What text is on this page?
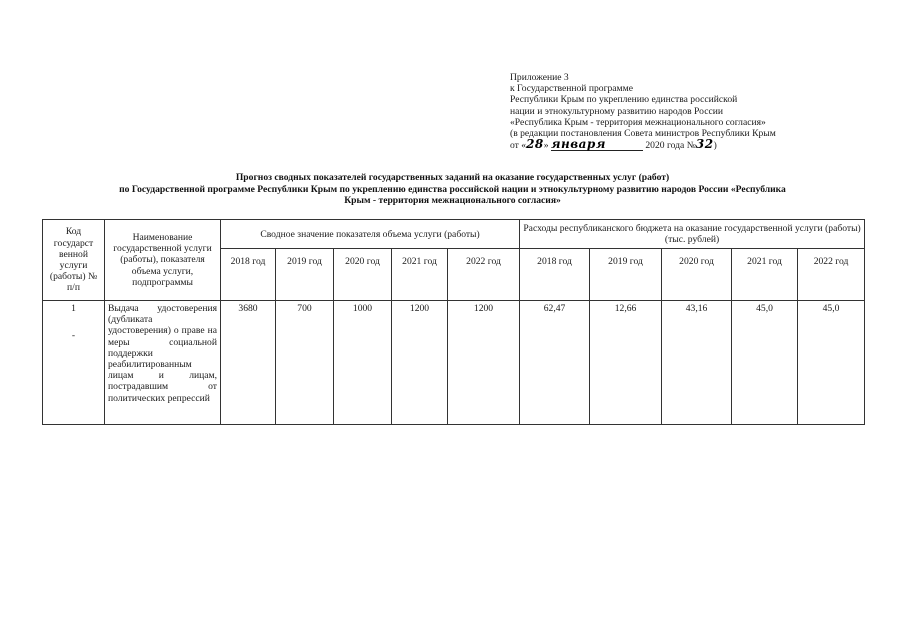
Приложение 3
к Государственной программе
Республики Крым по укреплению единства российской
нации и этнокультурному развитию народов России
«Республика Крым - территория межнационального согласия»
(в редакции постановления Совета министров Республики Крым
от «28» января	2020 года №32)
Прогноз сводных показателей государственных заданий на оказание государственных услуг (работ)
по Государственной программе Республики Крым по укреплению единства российской нации и этнокультурному развитию народов России «Республика
Крым - территория межнационального согласия»
Код государст венной услуги (работы) № п/п	Наименование государственной услуги (работы), показателя объема услуги, подпрограммы	Сводное значение показателя объема услуги (работы)					Расходы республиканского бюджета на оказание государственной услуги (работы) (тыс. рублей)				
		2018 год	2019 год	2020 год	2021 год	2022 год	2018 год	2019 год	2020 год	2021 год	2022 год

1
-	Выдача удостоверения (дубликата удостоверения) о праве на меры социальной поддержки реабилитированным лицам и лицам, пострадавшим от политических репрессий	3680	700	1000	1200	1200	62,47	12,66	43,16	45,0	45,0
